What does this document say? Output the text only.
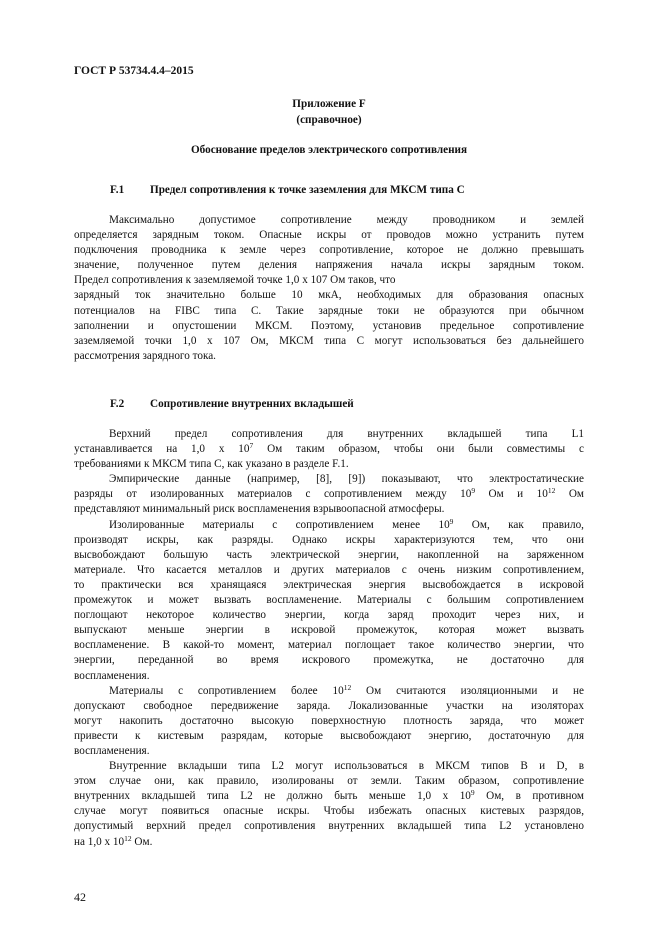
ГОСТ Р 53734.4.4–2015
Приложение F
(справочное)
Обоснование пределов электрического сопротивления
F.1 Предел сопротивления к точке заземления для МКСМ типа С
Максимально допустимое сопротивление между проводником и землей
определяется зарядным током. Опасные искры от проводов можно устранить путем
подключения проводника к земле через сопротивление, которое не должно превышать
значение, полученное путем деления напряжения начала искры зарядным током.
Предел сопротивления к заземляемой точке 1,0 x 107 Ом таков, что
зарядный ток значительно больше 10 мкА, необходимых для образования опасных
потенциалов на FIBC типа С. Такие зарядные токи не образуются при обычном
заполнении и опустошении МКСМ. Поэтому, установив предельное сопротивление
заземляемой точки 1,0 x 107 Ом, МКСМ типа С могут использоваться без дальнейшего
рассмотрения зарядного тока.
F.2 Сопротивление внутренних вкладышей
Верхний предел сопротивления для внутренних вкладышей типа L1
устанавливается на 1,0 x $10^7$ Ом таким образом, чтобы они были совместимы с
требованиями к МКСМ типа С, как указано в разделе F.1.
Эмпирические данные (например, [8], [9]) показывают, что электростатические
разряды от изолированных материалов с сопротивлением между $10^9$ Ом и $10^{12}$ Ом
представляют минимальный риск воспламенения взрывоопасной атмосферы.
Изолированные материалы с сопротивлением менее $10^9$ Ом, как правило,
производят искры, как разряды. Однако искры характеризуются тем, что они
высвобождают большую часть электрической энергии, накопленной на заряженном
материале. Что касается металлов и других материалов с очень низким сопротивлением,
то практически вся хранящаяся электрическая энергия высвобождается в искровой
промежуток и может вызвать воспламенение. Материалы с большим сопротивлением
поглощают некоторое количество энергии, когда заряд проходит через них, и
выпускают меньше энергии в искровой промежуток, которая может вызвать
воспламенение. В какой-то момент, материал поглощает такое количество энергии, что
энергии, переданной во время искрового промежутка, не достаточно для
воспламенения.
Материалы с сопротивлением более $10^{12}$ Ом считаются изоляционными и не
допускают свободное передвижение заряда. Локализованные участки на изоляторах
могут накопить достаточно высокую поверхностную плотность заряда, что может
привести к кистевым разрядам, которые высвобождают энергию, достаточную для
воспламенения.
Внутренние вкладыши типа L2 могут использоваться в МКСМ типов В и D, в
этом случае они, как правило, изолированы от земли. Таким образом, сопротивление
внутренних вкладышей типа L2 не должно быть меньше 1,0 x $10^9$ Ом, в противном
случае могут появиться опасные искры. Чтобы избежать опасных кистевых разрядов,
допустимый верхний предел сопротивления внутренних вкладышей типа L2 установлено
на 1,0 x $10^{12}$ Ом.
42
